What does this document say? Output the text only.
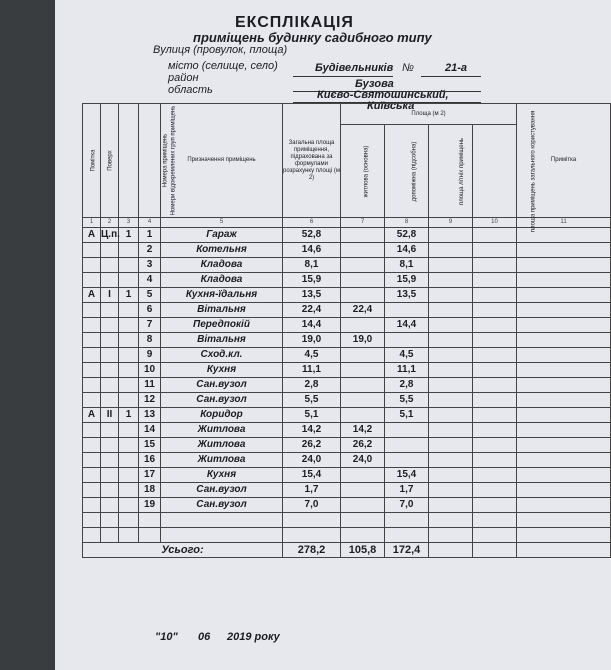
ЕКСПЛІКАЦІЯ
приміщень будинку садибного типу
Вулиця (провулок, площа)
Будівельників №	21-а
місто (селище, село)
Бузова
район
Києво-Святошинський,
область
Київська
Помітка	Поверх	Номери відокремлених груп приміщень	Номера приміщень	Призначення приміщень	Загальна площа приміщення, підрахована за формулами розрахунку площі (м 2)	Площа (м 2)				Примітка
						житлова (основна)	допоміжна (підсобна)	площа літніх приміщень	площа приміщень загального користування	
1	2	3	4	5	6	7	8	9	10	11
А	Ц.п.	1	1	Гараж	52,8		52,8			
			2	Котельня	14,6		14,6			
			3	Кладова	8,1		8,1			
			4	Кладова	15,9		15,9			
А	І	1	5	Кухня-їдальня	13,5		13,5			
			6	Вітальня	22,4	22,4				
			7	Передпокій	14,4		14,4			
			8	Вітальня	19,0	19,0				
			9	Сход.кл.	4,5		4,5			
			10	Кухня	11,1		11,1			
			11	Сан.вузол	2,8		2,8			
			12	Сан.вузол	5,5		5,5			
А	ІІ	1	13	Коридор	5,1		5,1			
			14	Житлова	14,2	14,2				
			15	Житлова	26,2	26,2				
			16	Житлова	24,0	24,0				
			17	Кухня	15,4		15,4			
			18	Сан.вузол	1,7		1,7			
			19	Сан.вузол	7,0		7,0			

Усього:					278,2	105,8	172,4			
"10" 06 2019 року
